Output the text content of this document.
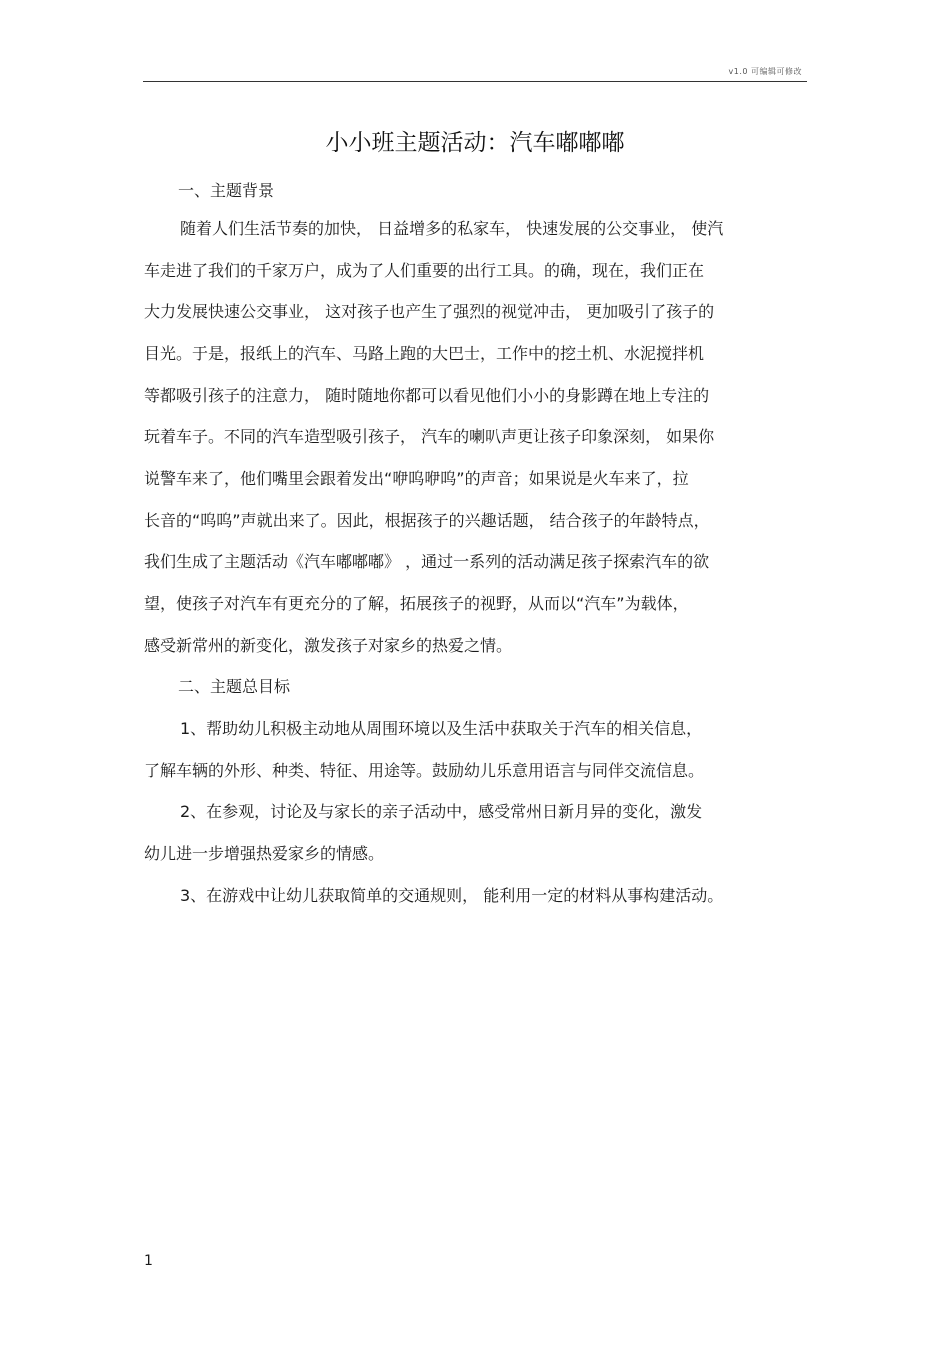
v1.0 可编辑可修改
小小班主题活动：汽车嘟嘟嘟
一、主题背景
随着人们生活节奏的加快， 日益增多的私家车， 快速发展的公交事业， 使汽
车走进了我们的千家万户，成为了人们重要的出行工具。的确，现在，我们正在
大力发展快速公交事业， 这对孩子也产生了强烈的视觉冲击， 更加吸引了孩子的
目光。于是，报纸上的汽车、马路上跑的大巴士，工作中的挖土机、水泥搅拌机
等都吸引孩子的注意力， 随时随地你都可以看见他们小小的身影蹲在地上专注的
玩着车子。不同的汽车造型吸引孩子， 汽车的喇叭声更让孩子印象深刻， 如果你
说警车来了，他们嘴里会跟着发出“咿呜咿呜”的声音；如果说是火车来了，拉
长音的“呜呜”声就出来了。因此，根据孩子的兴趣话题， 结合孩子的年龄特点，
我们生成了主题活动《汽车嘟嘟嘟》 ，通过一系列的活动满足孩子探索汽车的欲
望，使孩子对汽车有更充分的了解，拓展孩子的视野，从而以“汽车”为载体，
感受新常州的新变化，激发孩子对家乡的热爱之情。
二、主题总目标
1、帮助幼儿积极主动地从周围环境以及生活中获取关于汽车的相关信息，
了解车辆的外形、种类、特征、用途等。鼓励幼儿乐意用语言与同伴交流信息。
2、在参观，讨论及与家长的亲子活动中，感受常州日新月异的变化，激发
幼儿进一步增强热爱家乡的情感。
3、在游戏中让幼儿获取简单的交通规则， 能利用一定的材料从事构建活动。
1
